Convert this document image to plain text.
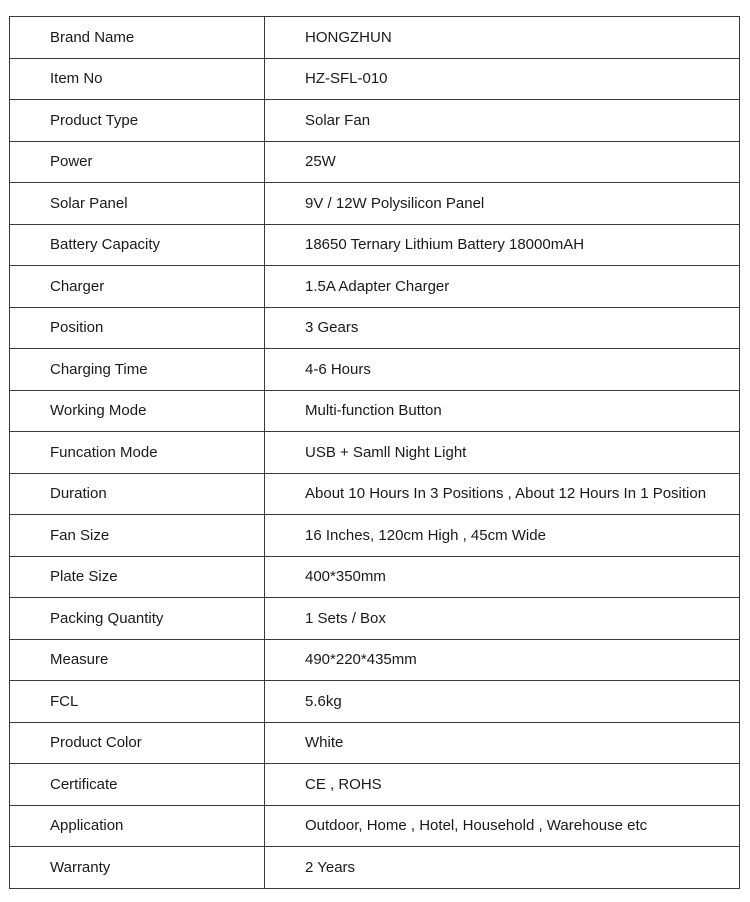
Brand Name	HONGZHUN
Item No	HZ-SFL-010
Product Type	Solar Fan
Power	25W
Solar Panel	9V / 12W Polysilicon Panel
Battery Capacity	18650 Ternary Lithium Battery 18000mAH
Charger	1.5A Adapter Charger
Position	3 Gears
Charging Time	4-6 Hours
Working Mode	Multi-function Button
Funcation Mode	USB + Samll Night Light
Duration	About 10 Hours In 3 Positions , About 12 Hours In 1 Position
Fan Size	16 Inches, 120cm High , 45cm Wide
Plate Size	400*350mm
Packing Quantity	1 Sets / Box
Measure	490*220*435mm
FCL	5.6kg
Product Color	White
Certificate	CE , ROHS
Application	Outdoor, Home , Hotel, Household , Warehouse etc
Warranty	2 Years
